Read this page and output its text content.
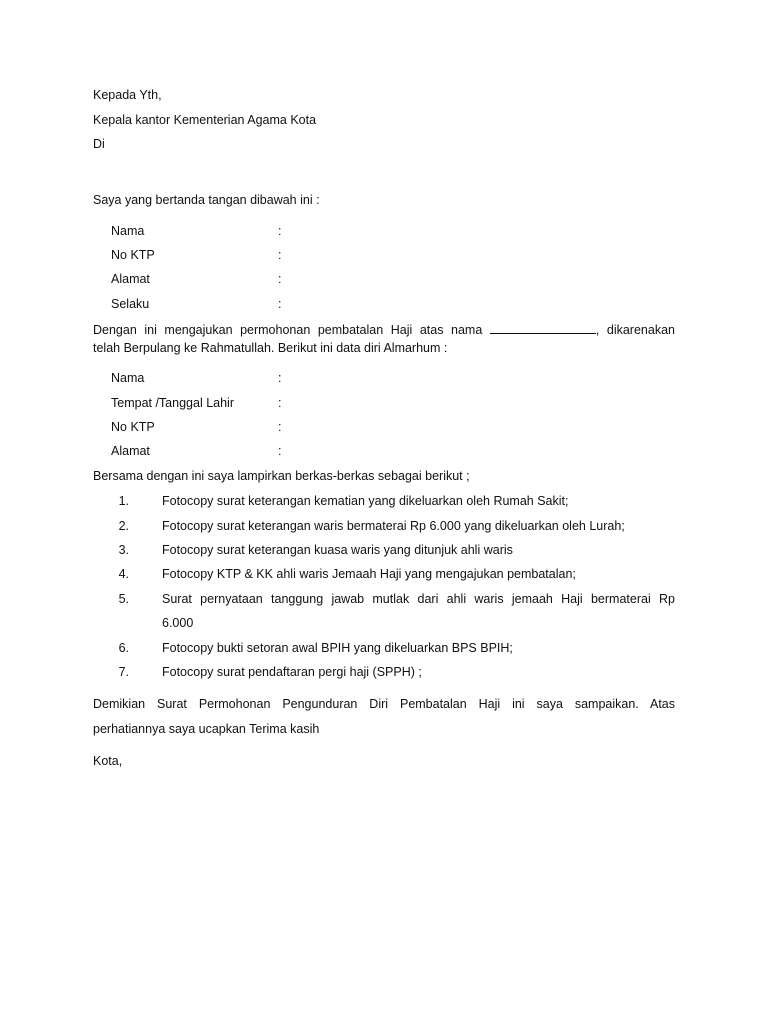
Kepada Yth,
Kepala kantor Kementerian Agama Kota
Di
Saya yang bertanda tangan dibawah ini :
Nama	:
No KTP	:
Alamat	:
Selaku	:
Dengan ini mengajukan permohonan pembatalan Haji atas nama	, dikarenakan
telah Berpulang ke Rahmatullah. Berikut ini data diri Almarhum :
Nama	:
Tempat /Tanggal Lahir	:
No KTP	:
Alamat	:
Bersama dengan ini saya lampirkan berkas-berkas sebagai berikut ;
1.	Fotocopy surat keterangan kematian yang dikeluarkan oleh Rumah Sakit;
2.	Fotocopy surat keterangan waris bermaterai Rp 6.000 yang dikeluarkan oleh Lurah;
3.	Fotocopy surat keterangan kuasa waris yang ditunjuk ahli waris
4.	Fotocopy KTP & KK ahli waris Jemaah Haji yang mengajukan pembatalan;
5.	Surat pernyataan tanggung jawab mutlak dari ahli waris jemaah Haji bermaterai Rp
6.000
6.	Fotocopy bukti setoran awal BPIH yang dikeluarkan BPS BPIH;
7.	Fotocopy surat pendaftaran pergi haji (SPPH) ;
Demikian Surat Permohonan Pengunduran Diri Pembatalan Haji ini saya sampaikan. Atas
perhatiannya saya ucapkan Terima kasih
Kota,
